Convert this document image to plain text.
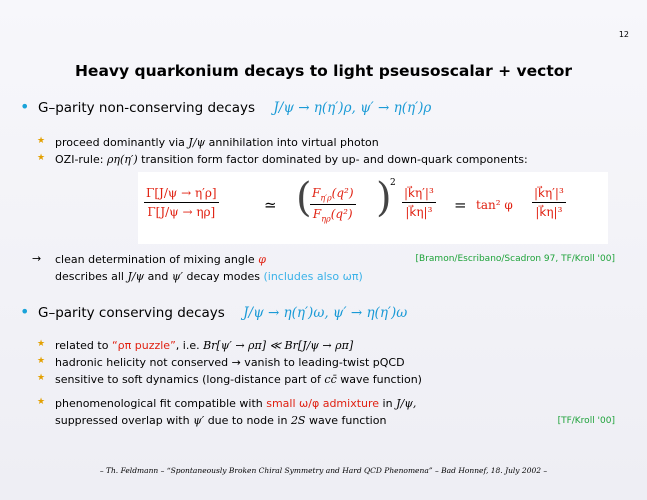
12
Heavy quarkonium decays to light pseusoscalar + vector
• G–parity non-conserving decays J/ψ → η(η′)ρ, ψ′ → η(η′)ρ
★ proceed dominantly via J/ψ annihilation into virtual photon
★ OZI-rule: ρη(η′) transition form factor dominated by up- and down-quark components:
$\frac{\Gamma[J/\psi \to \eta'\rho]}{\Gamma[J/\psi \to \eta\rho]}$	≃ ( $F_{\eta'\rho}(q^2)$
$F_{\eta\rho}(q^2)$ )
2
$\frac{\text{|k⃗η′|³}}{\text{|k⃗η|³}} = \tan^2$ φ $\frac{\text{|k⃗η′|³}}{\text{|k⃗η|³}}$
→ clean determination of mixing angle φ	[Bramon/Escribano/Scadron 97, TF/Kroll '00]
describes all J/ψ and ψ′ decay modes (includes also ωπ)
• G–parity conserving decays J/ψ → η(η′)ω, ψ′ → η(η′)ω
★ related to “ρπ puzzle”, i.e. Br[ψ′ → ρπ] ≪ Br[J/ψ → ρπ]
★ hadronic helicity not conserved → vanish to leading-twist pQCD
★ sensitive to soft dynamics (long-distance part of cc̄ wave function)
★ phenomenological fit compatible with small ω/φ admixture in J/ψ,
suppressed overlap with ψ′ due to node in 2S wave function	[TF/Kroll '00]
– Th. Feldmann – “Spontaneously Broken Chiral Symmetry and Hard QCD Phenomena” – Bad Honnef, 18. July 2002 –
